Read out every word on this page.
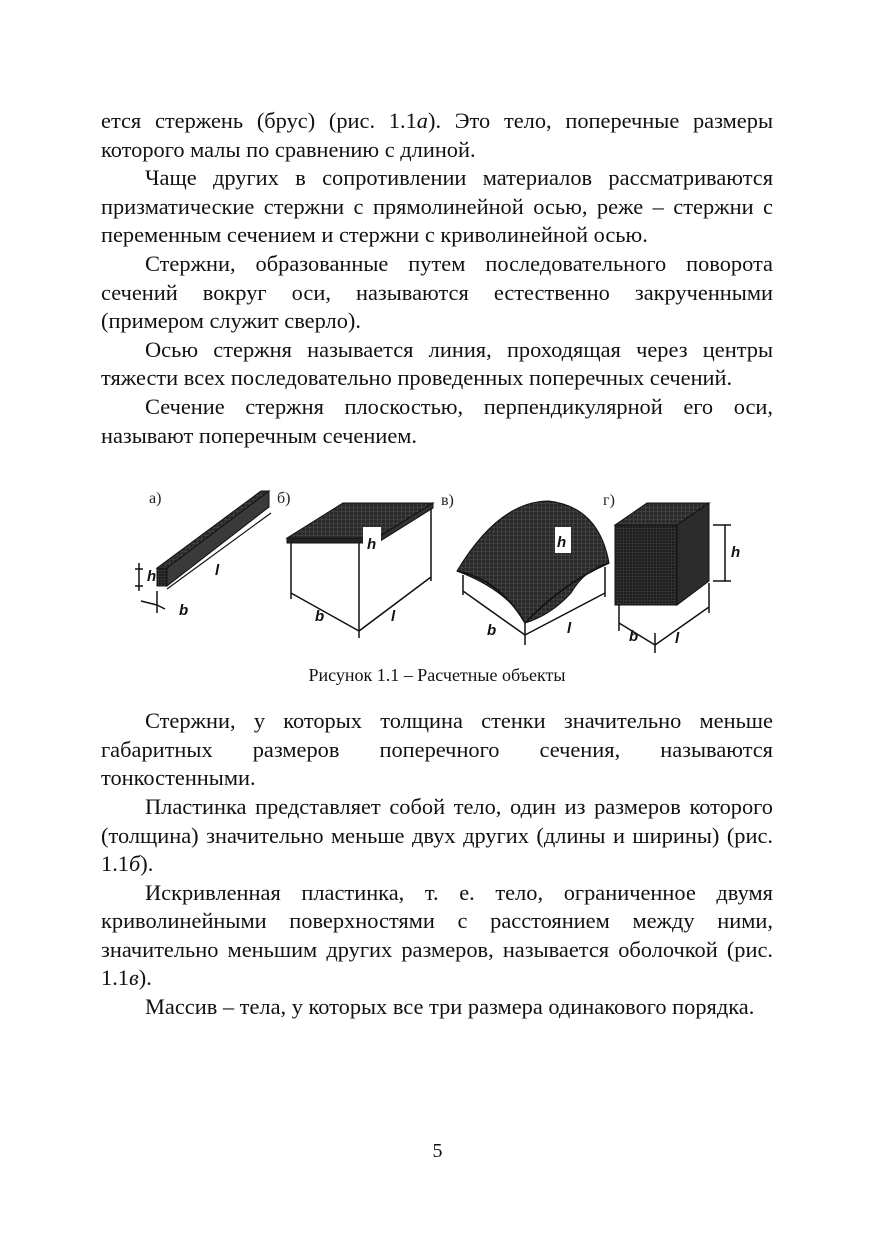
ется стержень (брус) (рис. 1.1а). Это тело, поперечные размеры которого малы по сравнению с длиной.

Чаще других в сопротивлении материалов рассматриваются призматические стержни с прямолинейной осью, реже – стержни с переменным сечением и стержни с криволинейной осью.

Стержни, образованные путем последовательного поворота сечений вокруг оси, называются естественно закрученными (примером служит сверло).

Осью стержня называется линия, проходящая через центры тяжести всех последовательно проведенных поперечных сечений.

Сечение стержня плоскостью, перпендикулярной его оси, называют поперечным сечением.

а)
h	l
b
б)
h
b	l
в)
h
b	l
г)
h
b l
Рисунок 1.1 – Расчетные объекты

Стержни, у которых толщина стенки значительно меньше габаритных размеров поперечного сечения, называются тонкостенными.

Пластинка представляет собой тело, один из размеров которого (толщина) значительно меньше двух других (длины и ширины) (рис. 1.1б).

Искривленная пластинка, т. е. тело, ограниченное двумя криволинейными поверхностями с расстоянием между ними, значительно меньшим других размеров, называется оболочкой (рис. 1.1в).

Массив – тела, у которых все три размера одинакового порядка.

5
